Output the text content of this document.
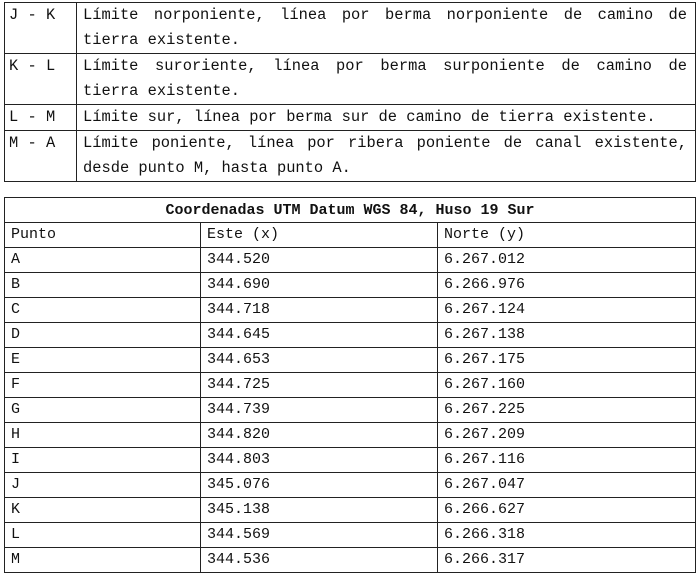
J - K	Límite norponiente, línea por berma norponiente de camino de tierra existente.

K - L	Límite suroriente, línea por berma surponiente de camino de tierra existente.

L - M	Límite sur, línea por berma sur de camino de tierra existente.

M - A	Límite poniente, línea por ribera poniente de canal existente, desde punto M, hasta punto A.
Coordenadas UTM Datum WGS 84, Huso 19 Sur		
Punto	Este (x)	Norte (y)
A	344.520	6.267.012
B	344.690	6.266.976
C	344.718	6.267.124
D	344.645	6.267.138
E	344.653	6.267.175
F	344.725	6.267.160
G	344.739	6.267.225
H	344.820	6.267.209
I	344.803	6.267.116
J	345.076	6.267.047
K	345.138	6.266.627
L	344.569	6.266.318
M	344.536	6.266.317
